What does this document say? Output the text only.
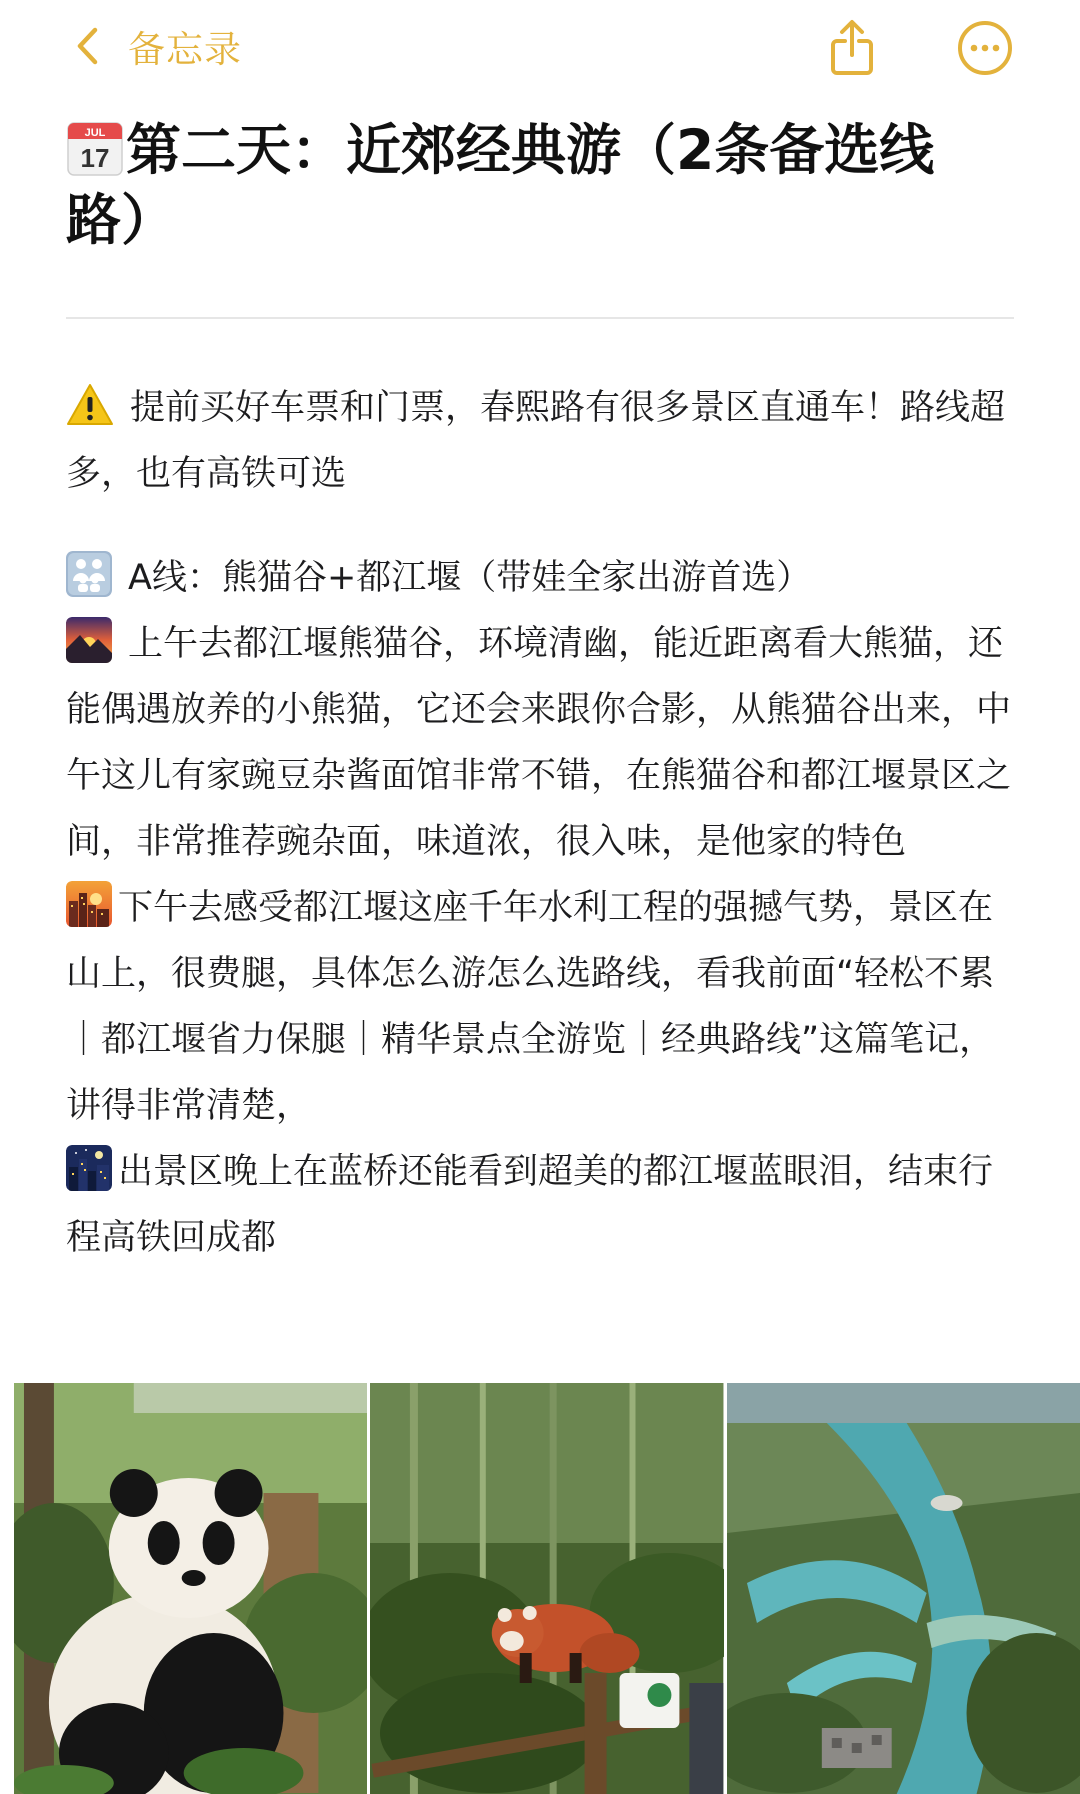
备忘录
JUL
17 第二天：近郊经典游（2条备选线路）

提前买好车票和门票，春熙路有很多景区直通车！路线超多，也有高铁可选

A线：熊猫谷+都江堰（带娃全家出游首选）

上午去都江堰熊猫谷，环境清幽，能近距离看大熊猫，还能偶遇放养的小熊猫，它还会来跟你合影，从熊猫谷出来，中午这儿有家豌豆杂酱面馆非常不错，在熊猫谷和都江堰景区之间，非常推荐豌杂面，味道浓，很入味，是他家的特色

下午去感受都江堰这座千年水利工程的强撼气势，景区在山上，很费腿，具体怎么游怎么选路线，看我前面“轻松不累｜都江堰省力保腿｜精华景点全游览｜经典路线”这篇笔记，讲得非常清楚，

出景区晚上在蓝桥还能看到超美的都江堰蓝眼泪，结束行程高铁回成都
